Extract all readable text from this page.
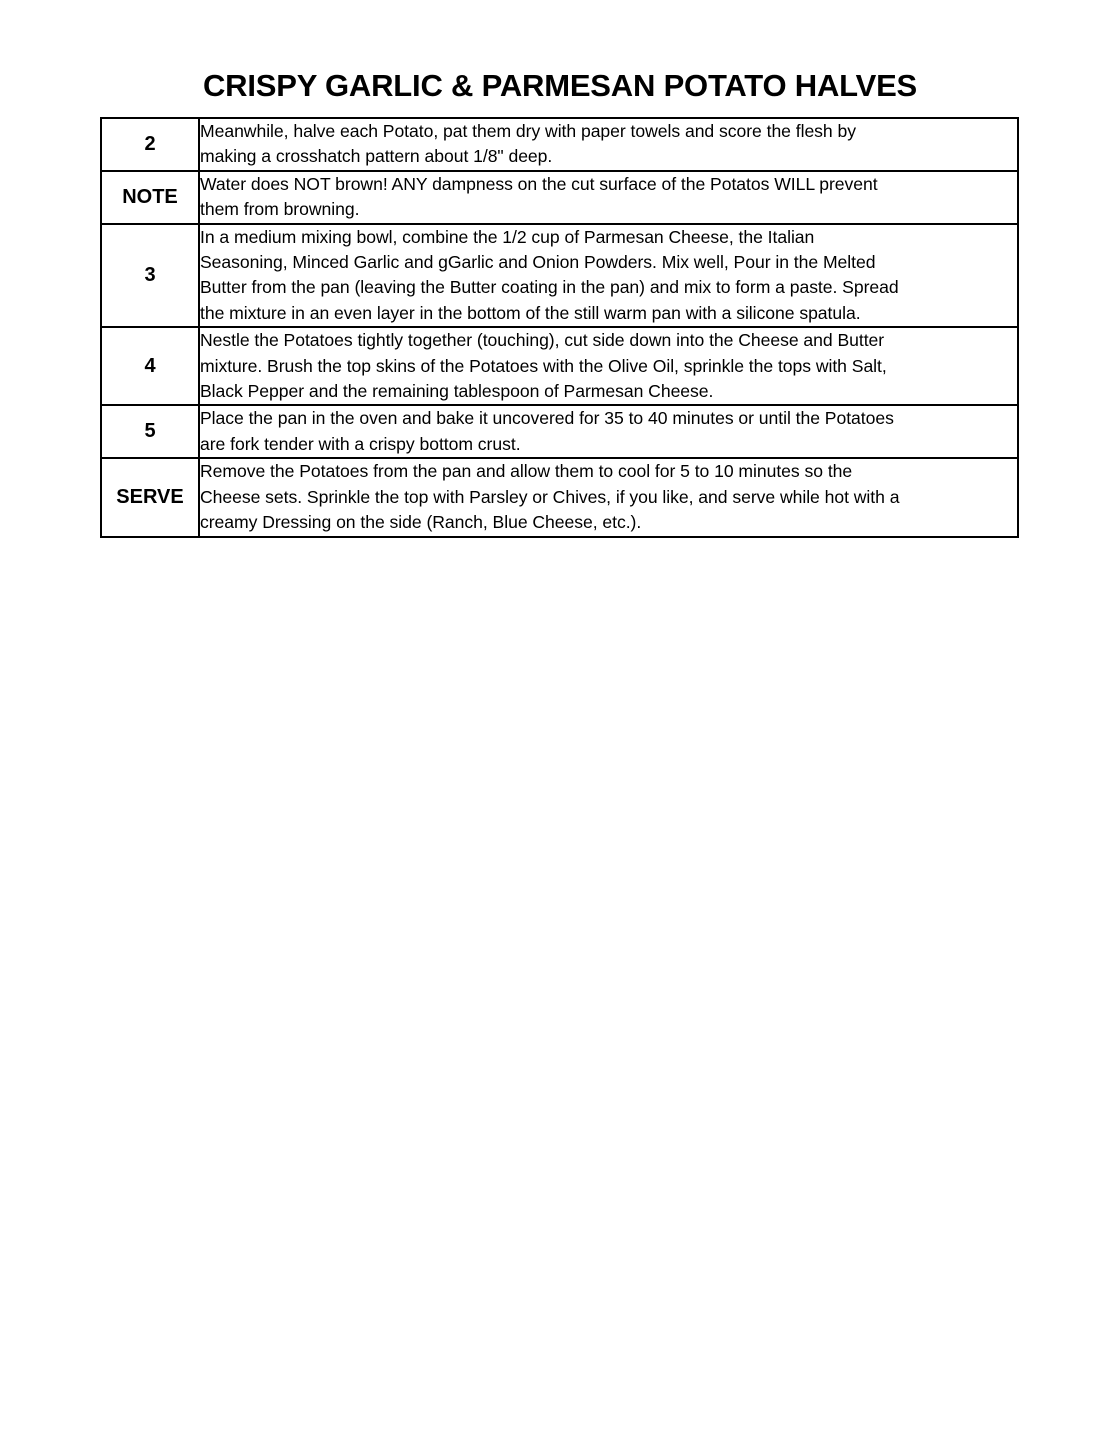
CRISPY GARLIC & PARMESAN POTATO HALVES
2	Meanwhile, halve each Potato, pat them dry with paper towels and score the flesh by
making a crosshatch pattern about 1/8" deep.

NOTE	Water does NOT brown! ANY dampness on the cut surface of the Potatos WILL prevent
them from browning.

3	In a medium mixing bowl, combine the 1/2 cup of Parmesan Cheese, the Italian
Seasoning, Minced Garlic and gGarlic and Onion Powders. Mix well, Pour in the Melted
Butter from the pan (leaving the Butter coating in the pan) and mix to form a paste. Spread
the mixture in an even layer in the bottom of the still warm pan with a silicone spatula.

4	Nestle the Potatoes tightly together (touching), cut side down into the Cheese and Butter
mixture. Brush the top skins of the Potatoes with the Olive Oil, sprinkle the tops with Salt,
Black Pepper and the remaining tablespoon of Parmesan Cheese.

5	Place the pan in the oven and bake it uncovered for 35 to 40 minutes or until the Potatoes
are fork tender with a crispy bottom crust.

SERVE	Remove the Potatoes from the pan and allow them to cool for 5 to 10 minutes so the
Cheese sets. Sprinkle the top with Parsley or Chives, if you like, and serve while hot with a
creamy Dressing on the side (Ranch, Blue Cheese, etc.).
